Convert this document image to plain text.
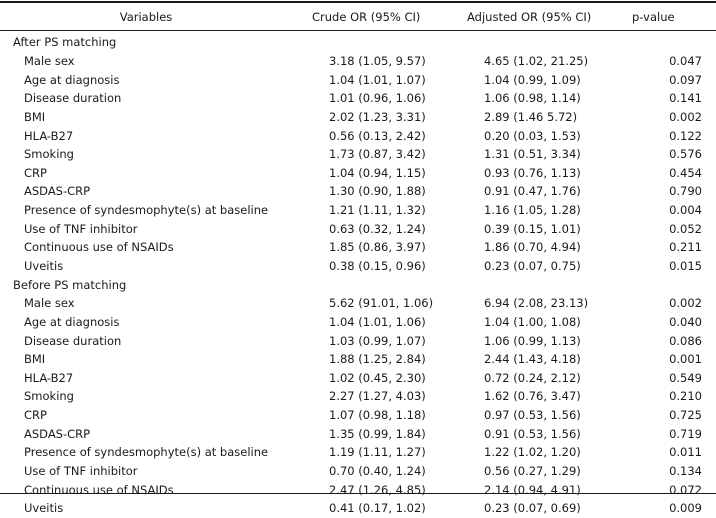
Variables	Crude OR (95% CI)	Adjusted OR (95% CI)	p-value
After PS matching			
Male sex	3.18 (1.05, 9.57)	4.65 (1.02, 21.25)	0.047
Age at diagnosis	1.04 (1.01, 1.07)	1.04 (0.99, 1.09)	0.097
Disease duration	1.01 (0.96, 1.06)	1.06 (0.98, 1.14)	0.141
BMI	2.02 (1.23, 3.31)	2.89 (1.46 5.72)	0.002
HLA-B27	0.56 (0.13, 2.42)	0.20 (0.03, 1.53)	0.122
Smoking	1.73 (0.87, 3.42)	1.31 (0.51, 3.34)	0.576
CRP	1.04 (0.94, 1.15)	0.93 (0.76, 1.13)	0.454
ASDAS-CRP	1.30 (0.90, 1.88)	0.91 (0.47, 1.76)	0.790
Presence of syndesmophyte(s) at baseline	1.21 (1.11, 1.32)	1.16 (1.05, 1.28)	0.004
Use of TNF inhibitor	0.63 (0.32, 1.24)	0.39 (0.15, 1.01)	0.052
Continuous use of NSAIDs	1.85 (0.86, 3.97)	1.86 (0.70, 4.94)	0.211
Uveitis	0.38 (0.15, 0.96)	0.23 (0.07, 0.75)	0.015
Before PS matching			
Male sex	5.62 (91.01, 1.06)	6.94 (2.08, 23.13)	0.002
Age at diagnosis	1.04 (1.01, 1.06)	1.04 (1.00, 1.08)	0.040
Disease duration	1.03 (0.99, 1.07)	1.06 (0.99, 1.13)	0.086
BMI	1.88 (1.25, 2.84)	2.44 (1.43, 4.18)	0.001
HLA-B27	1.02 (0.45, 2.30)	0.72 (0.24, 2.12)	0.549
Smoking	2.27 (1.27, 4.03)	1.62 (0.76, 3.47)	0.210
CRP	1.07 (0.98, 1.18)	0.97 (0.53, 1.56)	0.725
ASDAS-CRP	1.35 (0.99, 1.84)	0.91 (0.53, 1.56)	0.719
Presence of syndesmophyte(s) at baseline	1.19 (1.11, 1.27)	1.22 (1.02, 1.20)	0.011
Use of TNF inhibitor	0.70 (0.40, 1.24)	0.56 (0.27, 1.29)	0.134
Continuous use of NSAIDs	2.47 (1.26, 4.85)	2.14 (0.94, 4.91)	0.072
Uveitis	0.41 (0.17, 1.02)	0.23 (0.07, 0.69)	0.009
